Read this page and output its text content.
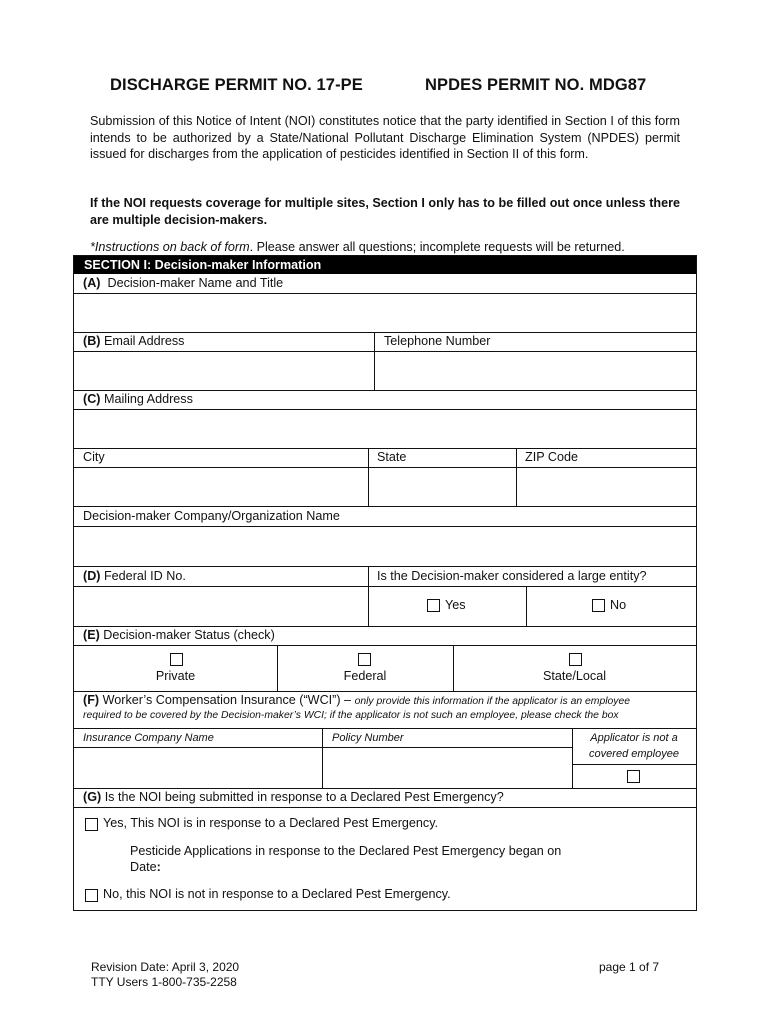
DISCHARGE PERMIT NO. 17-PE	NPDES PERMIT NO. MDG87
Submission of this Notice of Intent (NOI) constitutes notice that the party identified in Section I of this form intends to be authorized by a State/National Pollutant Discharge Elimination System (NPDES) permit issued for discharges from the application of pesticides identified in Section II of this form.
If the NOI requests coverage for multiple sites, Section I only has to be filled out once unless there are multiple decision-makers.
*Instructions on back of form. Please answer all questions; incomplete requests will be returned.
SECTION I: Decision-maker Information
(A) Decision-maker Name and Title
(B) Email Address	Telephone Number
(C) Mailing Address
City	State	ZIP Code
Decision-maker Company/Organization Name
(D) Federal ID No.	Is the Decision-maker considered a large entity?
Yes	No
(E) Decision-maker Status (check)
Private	Federal	State/Local
(F) Worker’s Compensation Insurance (“WCI”) – only provide this information if the applicator is an employee
required to be covered by the Decision-maker’s WCI; if the applicator is not such an employee, please check the box
Insurance Company Name	Policy Number	Applicator is not a
covered employee
(G) Is the NOI being submitted in response to a Declared Pest Emergency?
Yes, This NOI is in response to a Declared Pest Emergency.
Pesticide Applications in response to the Declared Pest Emergency began on
Date:
No, this NOI is not in response to a Declared Pest Emergency.
Revision Date: April 3, 2020
TTY Users 1-800-735-2258
page 1 of 7
